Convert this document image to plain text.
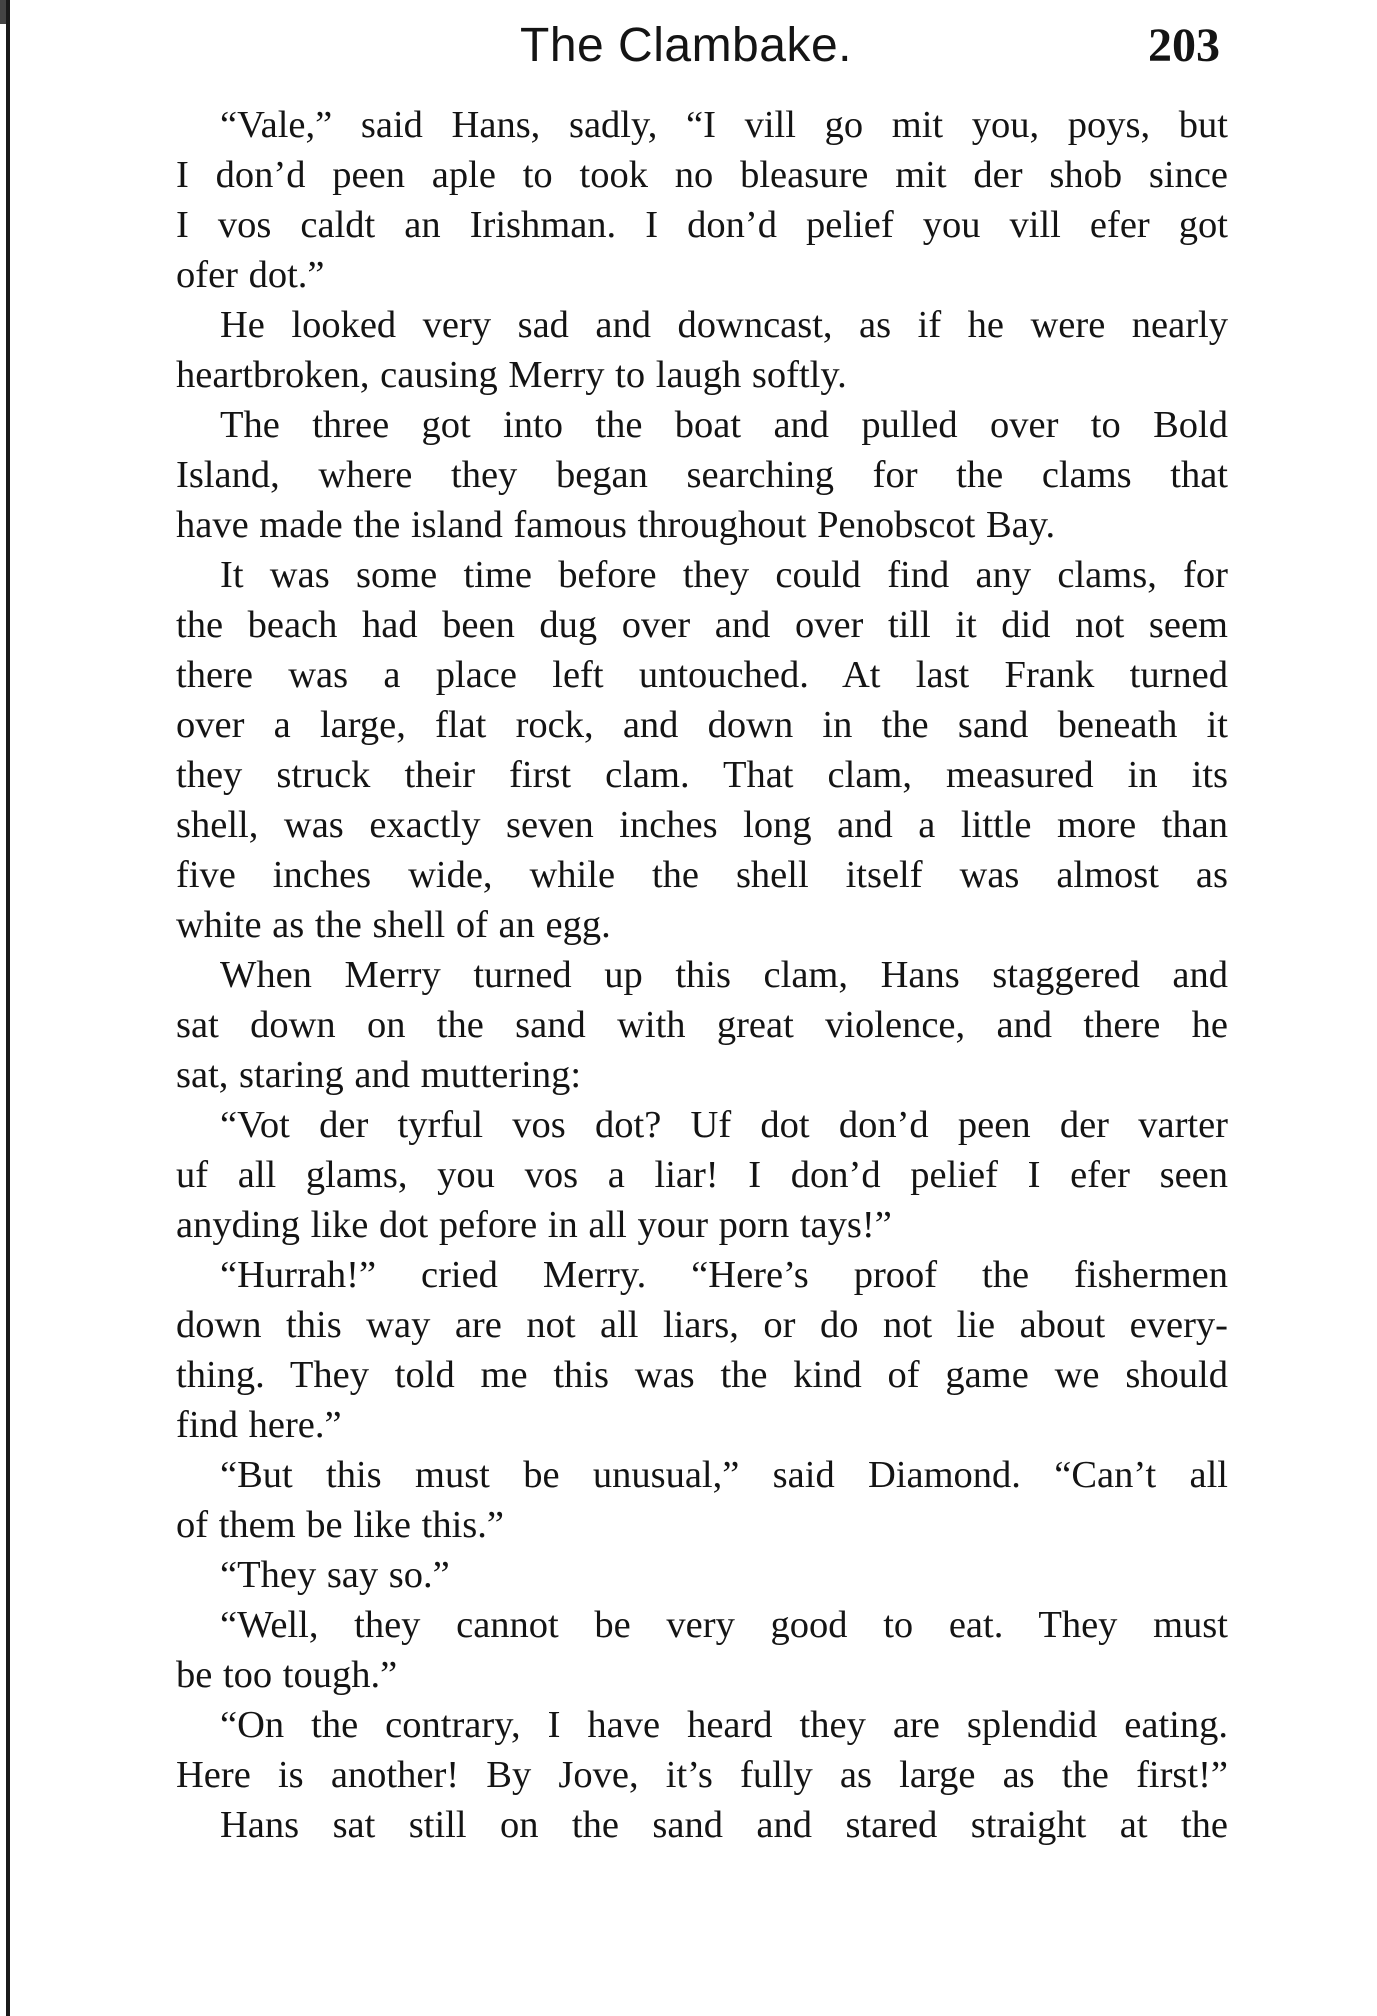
The Clambake.	203
“Vale,” said Hans, sadly, “I vill go mit you, poys, but
I don’d peen aple to took no bleasure mit der shob since
I vos caldt an Irishman. I don’d pelief you vill efer got
ofer dot.”
He looked very sad and downcast, as if he were nearly
heartbroken, causing Merry to laugh softly.
The three got into the boat and pulled over to Bold
Island, where they began searching for the clams that
have made the island famous throughout Penobscot Bay.
It was some time before they could find any clams, for
the beach had been dug over and over till it did not seem
there was a place left untouched. At last Frank turned
over a large, flat rock, and down in the sand beneath it
they struck their first clam. That clam, measured in its
shell, was exactly seven inches long and a little more than
five inches wide, while the shell itself was almost as
white as the shell of an egg.
When Merry turned up this clam, Hans staggered and
sat down on the sand with great violence, and there he
sat, staring and muttering:
“Vot der tyrful vos dot? Uf dot don’d peen der varter
uf all glams, you vos a liar! I don’d pelief I efer seen
anyding like dot pefore in all your porn tays!”
“Hurrah!” cried Merry. “Here’s proof the fishermen
down this way are not all liars, or do not lie about every-
thing. They told me this was the kind of game we should
find here.”
“But this must be unusual,” said Diamond. “Can’t all
of them be like this.”
“They say so.”
“Well, they cannot be very good to eat. They must
be too tough.”
“On the contrary, I have heard they are splendid eating.
Here is another! By Jove, it’s fully as large as the first!”
Hans sat still on the sand and stared straight at the
